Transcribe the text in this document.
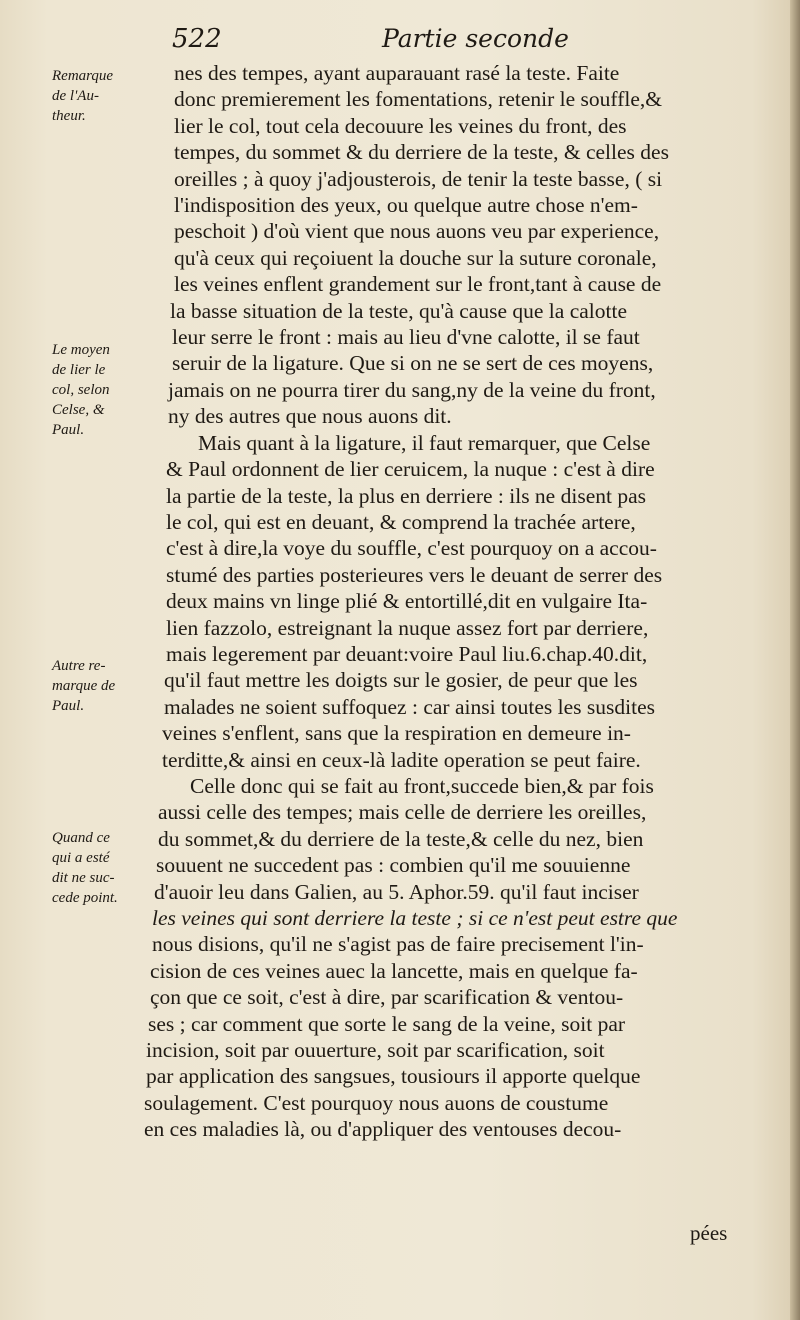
522	Partie seconde
Remarque
de l'Au-
theur.
Le moyen
de lier le
col, selon
Celse, &
Paul.
Autre re-
marque de
Paul.
Quand ce
qui a esté
dit ne suc-
cede point.
nes des tempes, ayant auparauant rasé la teste. Faite
donc premierement les fomentations, retenir le souffle,&
lier le col, tout cela decouure les veines du front, des
tempes, du sommet & du derriere de la teste, & celles des
oreilles ; à quoy j'adjousterois, de tenir la teste basse, ( si
l'indisposition des yeux, ou quelque autre chose n'em-
peschoit ) d'où vient que nous auons veu par experience,
qu'à ceux qui reçoiuent la douche sur la suture coronale,
les veines enflent grandement sur le front,tant à cause de
la basse situation de la teste, qu'à cause que la calotte
leur serre le front : mais au lieu d'vne calotte, il se faut
seruir de la ligature. Que si on ne se sert de ces moyens,
jamais on ne pourra tirer du sang,ny de la veine du front,
ny des autres que nous auons dit.
Mais quant à la ligature, il faut remarquer, que Celse
& Paul ordonnent de lier ceruicem, la nuque : c'est à dire
la partie de la teste, la plus en derriere : ils ne disent pas
le col, qui est en deuant, & comprend la trachée artere,
c'est à dire,la voye du souffle, c'est pourquoy on a accou-
stumé des parties posterieures vers le deuant de serrer des
deux mains vn linge plié & entortillé,dit en vulgaire Ita-
lien fazzolo, estreignant la nuque assez fort par derriere,
mais legerement par deuant:voire Paul liu.6.chap.40.dit,
qu'il faut mettre les doigts sur le gosier, de peur que les
malades ne soient suffoquez : car ainsi toutes les susdites
veines s'enflent, sans que la respiration en demeure in-
terditte,& ainsi en ceux-là ladite operation se peut faire.
Celle donc qui se fait au front,succede bien,& par fois
aussi celle des tempes; mais celle de derriere les oreilles,
du sommet,& du derriere de la teste,& celle du nez, bien
souuent ne succedent pas : combien qu'il me souuienne
d'auoir leu dans Galien, au 5. Aphor.59. qu'il faut inciser
les veines qui sont derriere la teste ; si ce n'est peut estre que
nous disions, qu'il ne s'agist pas de faire precisement l'in-
cision de ces veines auec la lancette, mais en quelque fa-
çon que ce soit, c'est à dire, par scarification & ventou-
ses ; car comment que sorte le sang de la veine, soit par
incision, soit par ouuerture, soit par scarification, soit
par application des sangsues, tousiours il apporte quelque
soulagement. C'est pourquoy nous auons de coustume
en ces maladies là, ou d'appliquer des ventouses decou-
pées
